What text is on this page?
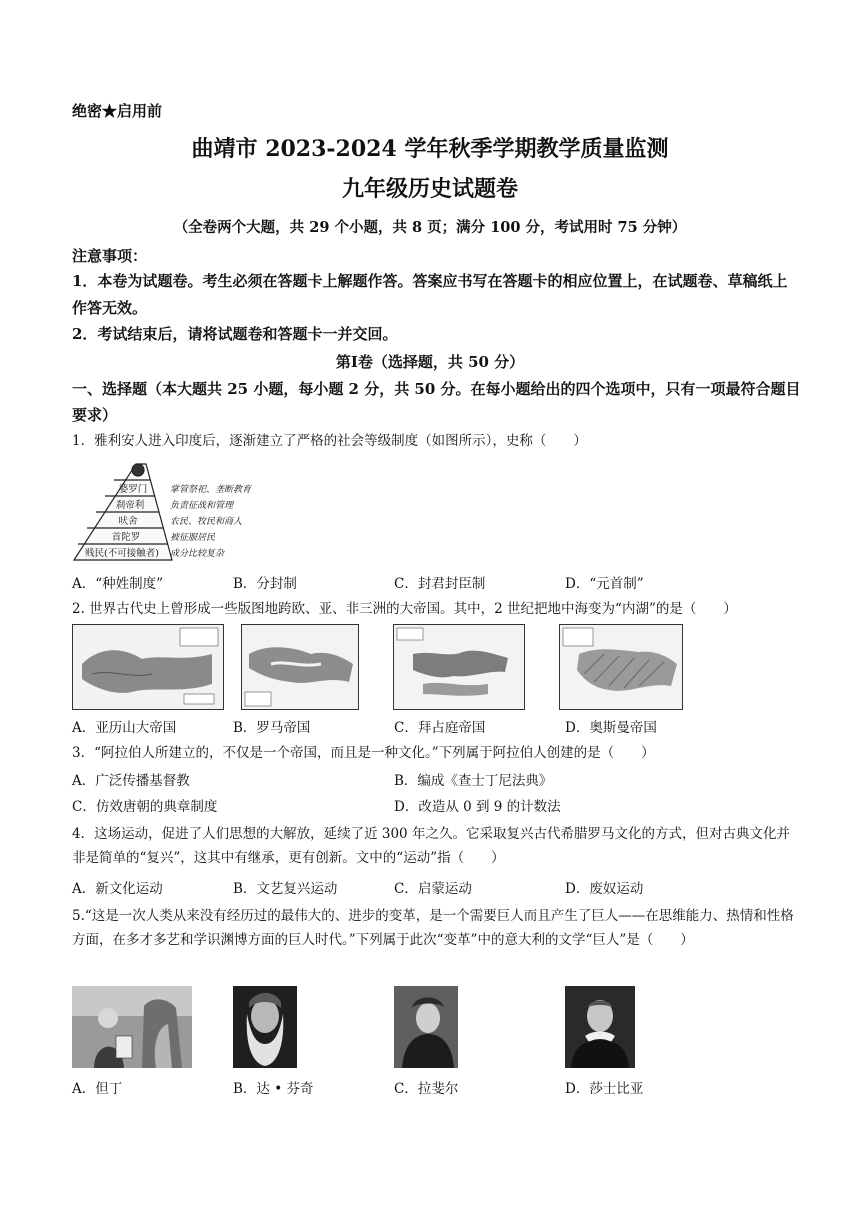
绝密★启用前
曲靖市 2023-2024 学年秋季学期教学质量监测
九年级历史试题卷
（全卷两个大题，共 29 个小题，共 8 页；满分 100 分，考试用时 75 分钟）
注意事项：
1．本卷为试题卷。考生必须在答题卡上解题作答。答案应书写在答题卡的相应位置上，在试题卷、草稿纸上作答无效。
2．考试结束后，请将试题卷和答题卡一并交回。
第Ⅰ卷（选择题，共 50 分）
一、选择题（本大题共 25 小题，每小题 2 分，共 50 分。在每小题给出的四个选项中，只有一项最符合题目要求）
1．雅利安人进入印度后，逐渐建立了严格的社会等级制度（如图所示），史称（　　）
婆罗门
刹帝利
吠舍
首陀罗
贱民(不可接触者)
掌管祭祀、垄断教育
负责征战和管理
农民、牧民和商人
被征服居民
成分比较复杂
A．“种姓制度”	B．分封制	C．封君封臣制	D．“元首制”
2. 世界古代史上曾形成一些版图地跨欧、亚、非三洲的大帝国。其中，2 世纪把地中海变为“内湖”的是（　　）
A．亚历山大帝国	B．罗马帝国	C．拜占庭帝国	D．奥斯曼帝国
3．“阿拉伯人所建立的，不仅是一个帝国，而且是一种文化。”下列属于阿拉伯人创建的是（　　）
A．广泛传播基督教	B．编成《查士丁尼法典》
C．仿效唐朝的典章制度	D．改造从 0 到 9 的计数法
4．这场运动，促进了人们思想的大解放，延续了近 300 年之久。它采取复兴古代希腊罗马文化的方式，但对古典文化并非是简单的“复兴”，这其中有继承，更有创新。文中的“运动”指（　　）
A．新文化运动	B．文艺复兴运动	C．启蒙运动	D．废奴运动
5.“这是一次人类从来没有经历过的最伟大的、进步的变革，是一个需要巨人而且产生了巨人——在思维能力、热情和性格方面，在多才多艺和学识渊博方面的巨人时代。”下列属于此次“变革”中的意大利的文学“巨人”是（　　）
A．但丁	B．达 • 芬奇	C．拉斐尔	D．莎士比亚
